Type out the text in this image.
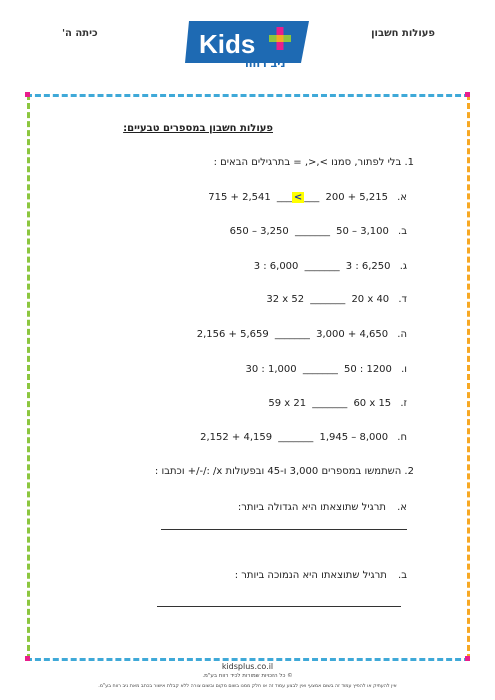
כיתה ה'	פעולות חשבון
Kids
ניב רווח
פעולות חשבון במספרים טבעיים:
1. בלי לפתור, סמנו >,<, = בתרגילים הבאים :
א. 715 + 2,541 ___ < ___ 200 + 5,215
ב. 650 – 3,250 _______ 50 – 3,100
ג. 3 : 6,000 _______ 3 : 6,250
ד. 32 x 52 _______ 20 x 40
ה. 2,156 + 5,659 _______ 3,000 + 4,650
ו. 30 : 1,000 _______ 50 : 1200
ז. 59 x 21 _______ 60 x 15
ח. 2,152 + 4,159 _______ 1,945 – 8,000
2. השתמשו במספרים 3,000 ו-45 ובפעולות x/ :/-/+ וכתבו :
א. תרגיל שתוצאתו היא הגדולה ביותר:
ב. תרגיל שתוצאתו היא הנמוכה ביותר :
kidsplus.co.il
© כל הזכויות שמורות לכיד רווח בע"מ.
אין להעתיק או להפיץ עמוד זה בשום אמצעי ואין לבצע עמוד זה או חלק ממנו בשום מקום ובשום צורה ללא קבלת אישור בכתב מאת ניב רווח בע"מ.
